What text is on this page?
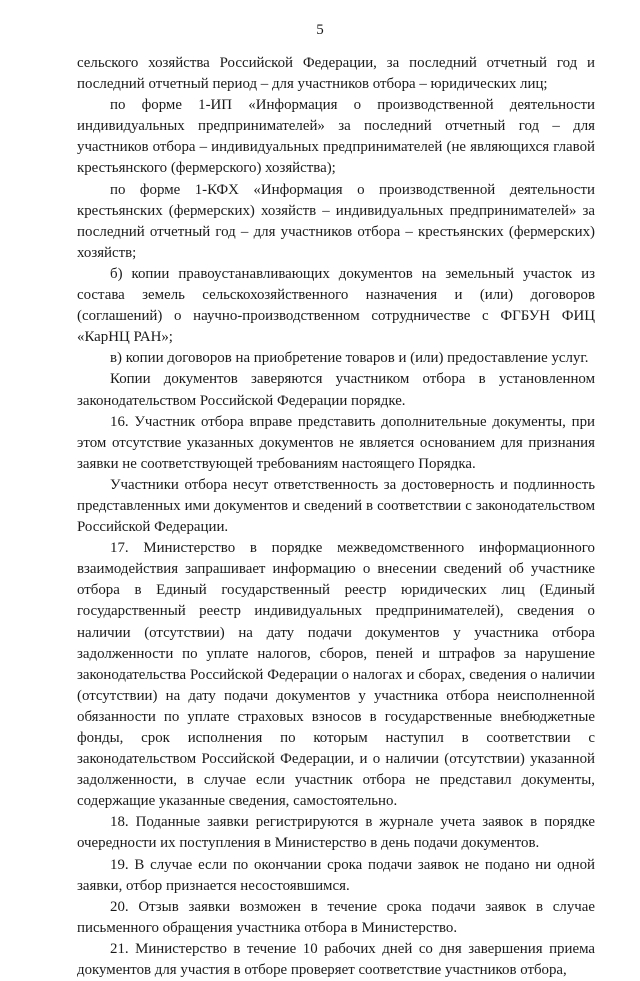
5

сельского хозяйства Российской Федерации, за последний отчетный год и последний отчетный период – для участников отбора – юридических лиц;

по форме 1-ИП «Информация о производственной деятельности индивидуальных предпринимателей» за последний отчетный год – для участников отбора – индивидуальных предпринимателей (не являющихся главой крестьянского (фермерского) хозяйства);

по форме 1-КФХ «Информация о производственной деятельности крестьянских (фермерских) хозяйств – индивидуальных предпринимателей» за последний отчетный год – для участников отбора – крестьянских (фермерских) хозяйств;

б) копии правоустанавливающих документов на земельный участок из состава земель сельскохозяйственного назначения и (или) договоров (соглашений) о научно-производственном сотрудничестве с ФГБУН ФИЦ «КарНЦ РАН»;

в) копии договоров на приобретение товаров и (или) предоставление услуг.

Копии документов заверяются участником отбора в установленном законодательством Российской Федерации порядке.

16. Участник отбора вправе представить дополнительные документы, при этом отсутствие указанных документов не является основанием для признания заявки не соответствующей требованиям настоящего Порядка.

Участники отбора несут ответственность за достоверность и подлинность представленных ими документов и сведений в соответствии с законодательством Российской Федерации.

17. Министерство в порядке межведомственного информационного взаимодействия запрашивает информацию о внесении сведений об участнике отбора в Единый государственный реестр юридических лиц (Единый государственный реестр индивидуальных предпринимателей), сведения о наличии (отсутствии) на дату подачи документов у участника отбора задолженности по уплате налогов, сборов, пеней и штрафов за нарушение законодательства Российской Федерации о налогах и сборах, сведения о наличии (отсутствии) на дату подачи документов у участника отбора неисполненной обязанности по уплате страховых взносов в государственные внебюджетные фонды, срок исполнения по которым наступил в соответствии с законодательством Российской Федерации, и о наличии (отсутствии) указанной задолженности, в случае если участник отбора не представил документы, содержащие указанные сведения, самостоятельно.

18. Поданные заявки регистрируются в журнале учета заявок в порядке очередности их поступления в Министерство в день подачи документов.

19. В случае если по окончании срока подачи заявок не подано ни одной заявки, отбор признается несостоявшимся.

20. Отзыв заявки возможен в течение срока подачи заявок в случае письменного обращения участника отбора в Министерство.

21. Министерство в течение 10 рабочих дней со дня завершения приема документов для участия в отборе проверяет соответствие участников отбора,
